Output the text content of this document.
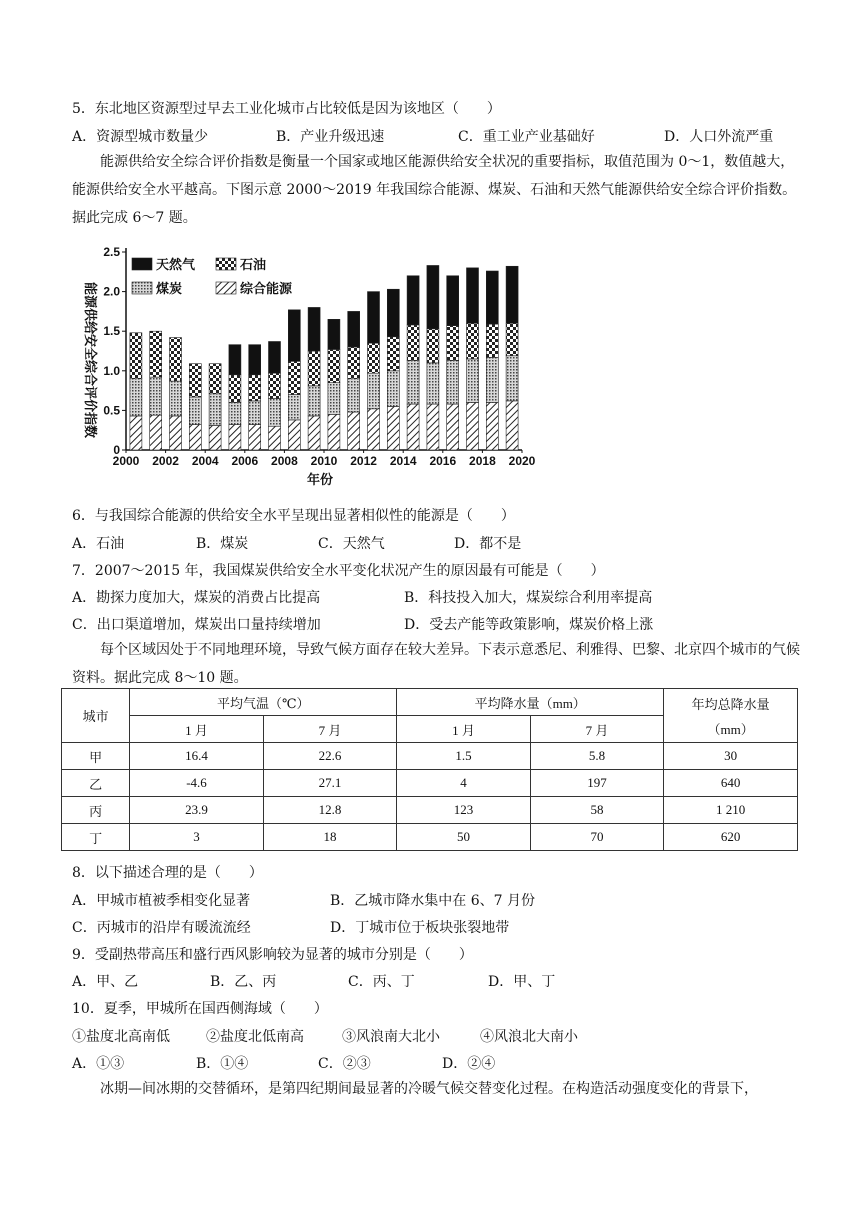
5．东北地区资源型过早去工业化城市占比较低是因为该地区（　　）
A．资源型城市数量少	B．产业升级迅速	C．重工业产业基础好	D．人口外流严重
能源供给安全综合评价指数是衡量一个国家或地区能源供给安全状况的重要指标，取值范围为 0～1，数值越大，能源供给安全水平越高。下图示意 2000～2019 年我国综合能源、煤炭、石油和天然气能源供给安全综合评价指数。据此完成 6～7 题。
能源供给安全综合评价指数
0
0.5
1.0
1.5
2.0
2.5
2000 2002 2004 2006 2008 2010 2012 2014 2016 2018 2020
天然气	石油
煤炭	综合能源
年份
6．与我国综合能源的供给安全水平呈现出显著相似性的能源是（　　）
A．石油	B．煤炭	C．天然气	D．都不是
7．2007～2015 年，我国煤炭供给安全水平变化状况产生的原因最有可能是（　　）
A．勘探力度加大，煤炭的消费占比提高	B．科技投入加大，煤炭综合利用率提高
C．出口渠道增加，煤炭出口量持续增加	D．受去产能等政策影响，煤炭价格上涨
每个区域因处于不同地理环境，导致气候方面存在较大差异。下表示意悉尼、利雅得、巴黎、北京四个城市的气候资料。据此完成 8～10 题。
城市	平均气温（℃）		平均降水量（mm）		年均总降水量
（mm）

	1 月	7 月	1 月	7 月	
甲	16.4	22.6	1.5	5.8	30
乙	-4.6	27.1	4	197	640
丙	23.9	12.8	123	58	1 210
丁	3	18	50	70	620
8．以下描述合理的是（　　）
A．甲城市植被季相变化显著	B．乙城市降水集中在 6、7 月份
C．丙城市的沿岸有暖流流经	D．丁城市位于板块张裂地带
9．受副热带高压和盛行西风影响较为显著的城市分别是（　　）
A．甲、乙	B．乙、丙	C．丙、丁	D．甲、丁
10．夏季，甲城所在国西侧海域（　　）
①盐度北高南低	②盐度北低南高	③风浪南大北小	④风浪北大南小
A．①③	B．①④	C．②③	D．②④
冰期—间冰期的交替循环，是第四纪期间最显著的冷暖气候交替变化过程。在构造活动强度变化的背景下，
